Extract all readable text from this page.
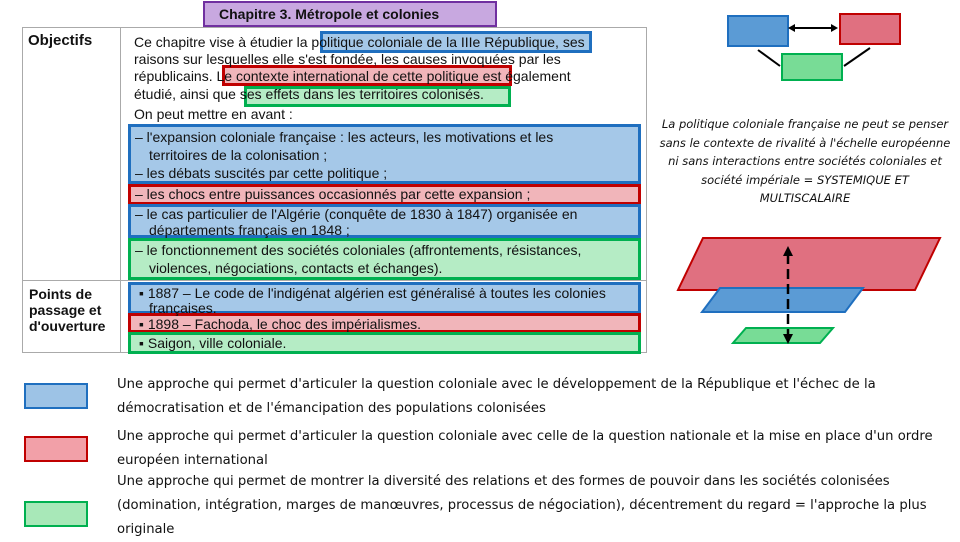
Chapitre 3. Métropole et colonies
Objectifs	Ce chapitre vise à étudier la politique coloniale de la IIIe République, ses
raisons sur lesquelles elle s'est fondée, les causes invoquées par les
républicains. Le contexte international de cette politique est également
étudié, ainsi que ses effets dans les territoires colonisés.
On peut mettre en avant :
– l'expansion coloniale française : les acteurs, les motivations et les
territoires de la colonisation ;
– les débats suscités par cette politique ;
– les chocs entre puissances occasionnés par cette expansion ;
– le cas particulier de l'Algérie (conquête de 1830 à 1847) organisée en
départements français en 1848 ;
– le fonctionnement des sociétés coloniales (affrontements, résistances,
violences, négociations, contacts et échanges).
Points de
passage et
d'ouverture
▪ 1887 – Le code de l'indigénat algérien est généralisé à toutes les colonies
françaises.
▪ 1898 – Fachoda, le choc des impérialismes.
▪ Saigon, ville coloniale.
La politique coloniale française ne peut se penser sans le contexte de rivalité à l'échelle européenne ni sans interactions entre sociétés coloniales et société impériale = SYSTEMIQUE ET MULTISCALAIRE
Une approche qui permet d'articuler la question coloniale avec le développement de la République et l'échec de la démocratisation et de l'émancipation des populations colonisées
Une approche qui permet d'articuler la question coloniale avec celle de la question nationale et la mise en place d'un ordre européen international
Une approche qui permet de montrer la diversité des relations et des formes de pouvoir dans les sociétés colonisées (domination, intégration, marges de manœuvres, processus de négociation), décentrement du regard = l'approche la plus originale
